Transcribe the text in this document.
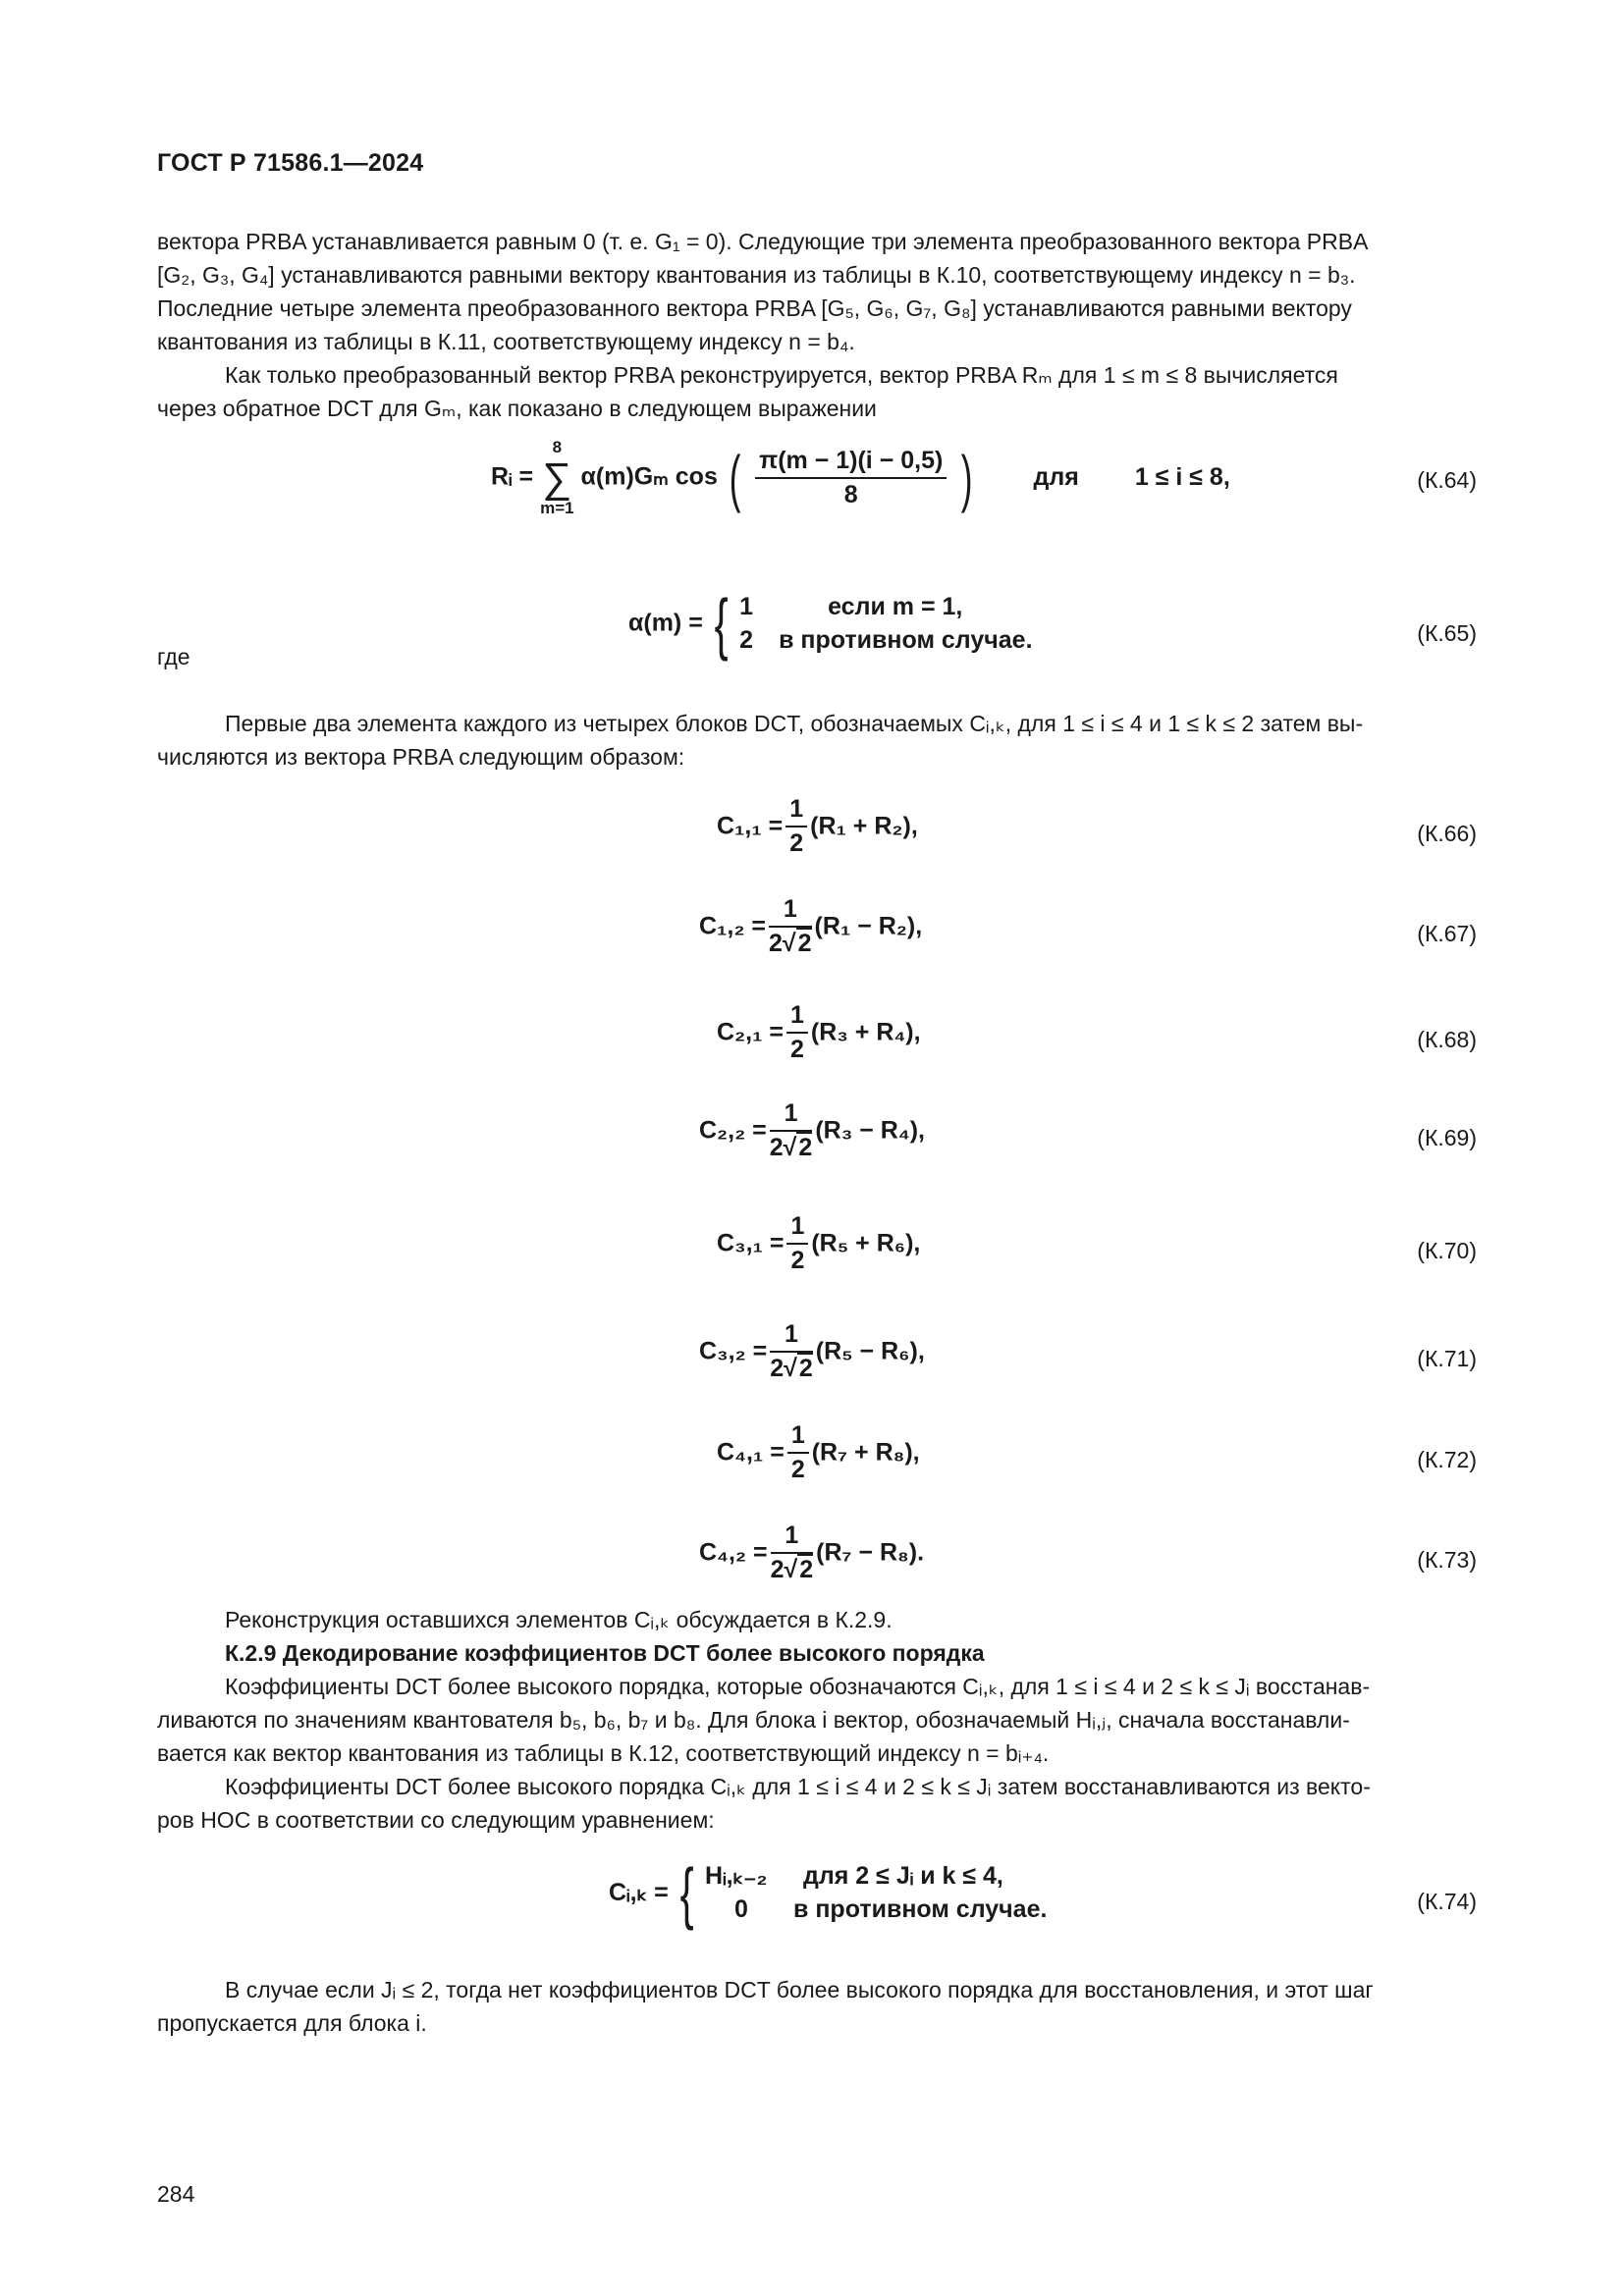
ГОСТ Р 71586.1—2024

вектора PRBA устанавливается равным 0 (т. е. G₁ = 0). Следующие три элемента преобразованного вектора PRBA

[G₂, G₃, G₄] устанавливаются равными вектору квантования из таблицы в К.10, соответствующему индексу n = b₃.

Последние четыре элемента преобразованного вектора PRBA [G₅, G₆, G₇, G₈] устанавливаются равными вектору

квантования из таблицы в К.11, соответствующему индексу n = b₄.

Как только преобразованный вектор PRBA реконструируется, вектор PRBA Rₘ для 1 ≤ m ≤ 8 вычисляется

через обратное DCT для Gₘ, как показано в следующем выражении

Rᵢ =
8
∑
m=1
α(m)Gₘ cos ( $\frac{\pi(m - 1)(i - 0,5)}{8}$ ) для 1 ≤ i ≤ 8,	(К.64)
α(m) = { 1	если m = 1,
2 в противном случае.	(К.65)
где

Первые два элемента каждого из четырех блоков DCT, обозначаемых Cᵢ,ₖ, для 1 ≤ i ≤ 4 и 1 ≤ k ≤ 2 затем вы-

числяются из вектора PRBA следующим образом:

$C_1,_1 = \frac{1}{2} (R_1 + R_2)$,	(К.66)
$C_1,_2 = \frac{1}{2√2} (R_1 - R_2)$,	(К.67)
$C_2,_1 = \frac{1}{2} (R_3 + R_4)$,	(К.68)
$C_2,_2 = \frac{1}{2√2} (R_3 - R_4)$,	(К.69)
$C_3,_1 = \frac{1}{2} (R_5 + R_6)$,	(К.70)
$C_3,_2 = \frac{1}{2√2} (R_5 - R_6)$,	(К.71)
$C_4,_1 = \frac{1}{2} (R_7 + R_8)$,	(К.72)
$C_4,_2 = \frac{1}{2√2} (R_7 - R_8)$.	(К.73)

Реконструкция оставшихся элементов Cᵢ,ₖ обсуждается в К.2.9.

К.2.9 Декодирование коэффициентов DCT более высокого порядка

Коэффициенты DCT более высокого порядка, которые обозначаются Cᵢ,ₖ, для 1 ≤ i ≤ 4 и 2 ≤ k ≤ Jᵢ восстанав-

ливаются по значениям квантователя b₅, b₆, b₇ и b₈. Для блока i вектор, обозначаемый Hᵢ,ⱼ, сначала восстанавли-

вается как вектор квантования из таблицы в К.12, соответствующий индексу n = bᵢ₊₄.

Коэффициенты DCT более высокого порядка Cᵢ,ₖ для 1 ≤ i ≤ 4 и 2 ≤ k ≤ Jᵢ затем восстанавливаются из векто-

ров HOC в соответствии со следующим уравнением:

Cᵢ,ₖ = { Hᵢ,ₖ₋₂ для 2 ≤ Jᵢ и k ≤ 4,
0 в противном случае.	(К.74)

В случае если Jᵢ ≤ 2, тогда нет коэффициентов DCT более высокого порядка для восстановления, и этот шаг

пропускается для блока i.

284
